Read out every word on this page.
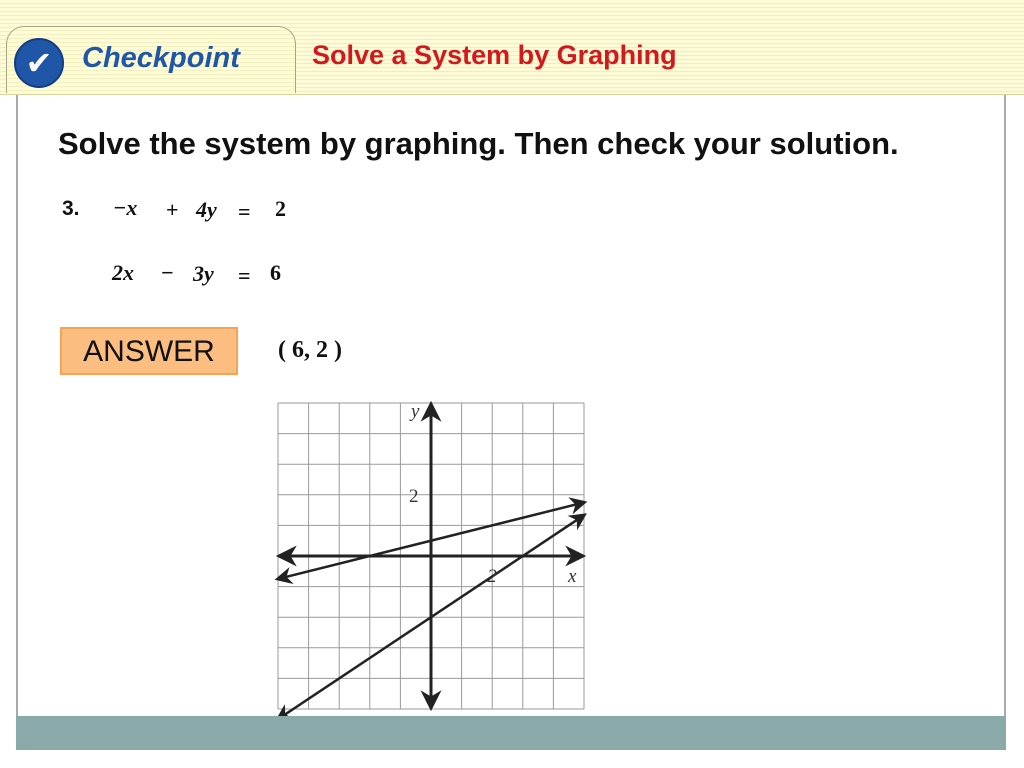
✔	Checkpoint	Solve a System by Graphing
Solve the system by graphing. Then check your solution.
3. −x + 4y = 2
2x − 3y = 6
ANSWER	( 6, 2 )
2
2
y
x
